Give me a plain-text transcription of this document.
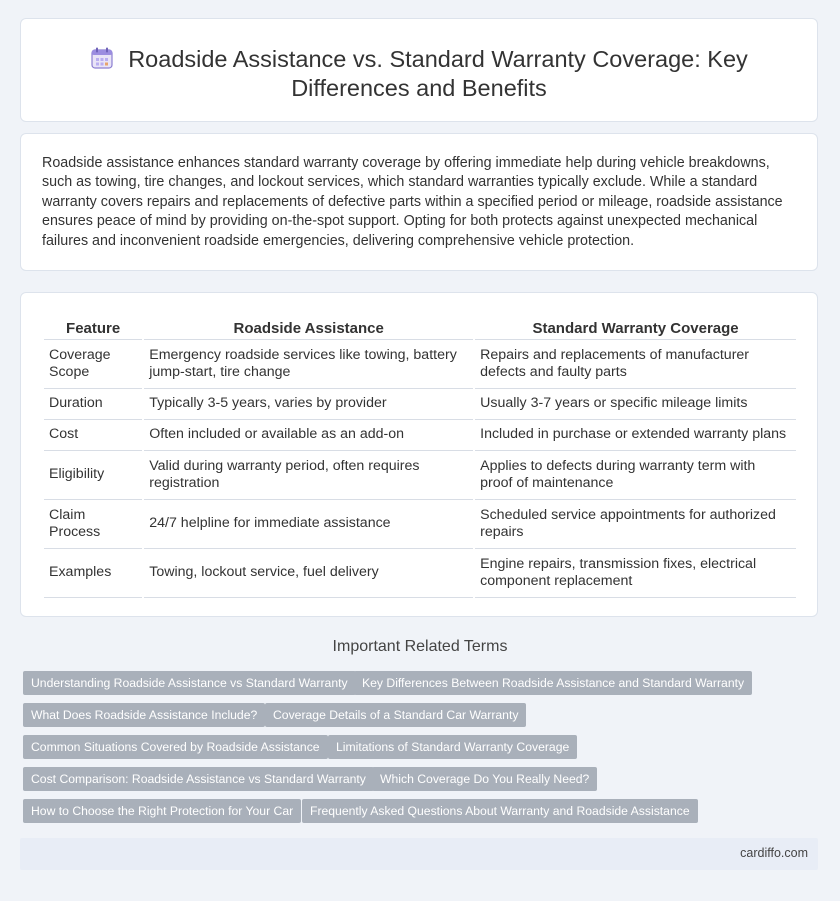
Roadside Assistance vs. Standard Warranty Coverage: Key
Differences and Benefits
Roadside assistance enhances standard warranty coverage by offering immediate help during vehicle breakdowns, such as towing, tire changes, and lockout services, which standard warranties typically exclude. While a standard warranty covers repairs and replacements of defective parts within a specified period or mileage, roadside assistance ensures peace of mind by providing on-the-spot support. Opting for both protects against unexpected mechanical failures and inconvenient roadside emergencies, delivering comprehensive vehicle protection.
Feature	Roadside Assistance	Standard Warranty Coverage
Coverage Scope	Emergency roadside services like towing, battery jump-start, tire change	Repairs and replacements of manufacturer defects and faulty parts
Duration	Typically 3-5 years, varies by provider	Usually 3-7 years or specific mileage limits
Cost	Often included or available as an add-on	Included in purchase or extended warranty plans
Eligibility	Valid during warranty period, often requires registration	Applies to defects during warranty term with proof of maintenance
Claim Process	24/7 helpline for immediate assistance	Scheduled service appointments for authorized repairs
Examples	Towing, lockout service, fuel delivery	Engine repairs, transmission fixes, electrical component replacement
Important Related Terms
Understanding Roadside Assistance vs Standard Warranty	Key Differences Between Roadside Assistance and Standard Warranty
What Does Roadside Assistance Include?	Coverage Details of a Standard Car Warranty
Common Situations Covered by Roadside Assistance	Limitations of Standard Warranty Coverage
Cost Comparison: Roadside Assistance vs Standard Warranty	Which Coverage Do You Really Need?
How to Choose the Right Protection for Your Car	Frequently Asked Questions About Warranty and Roadside Assistance
cardiffo.com
